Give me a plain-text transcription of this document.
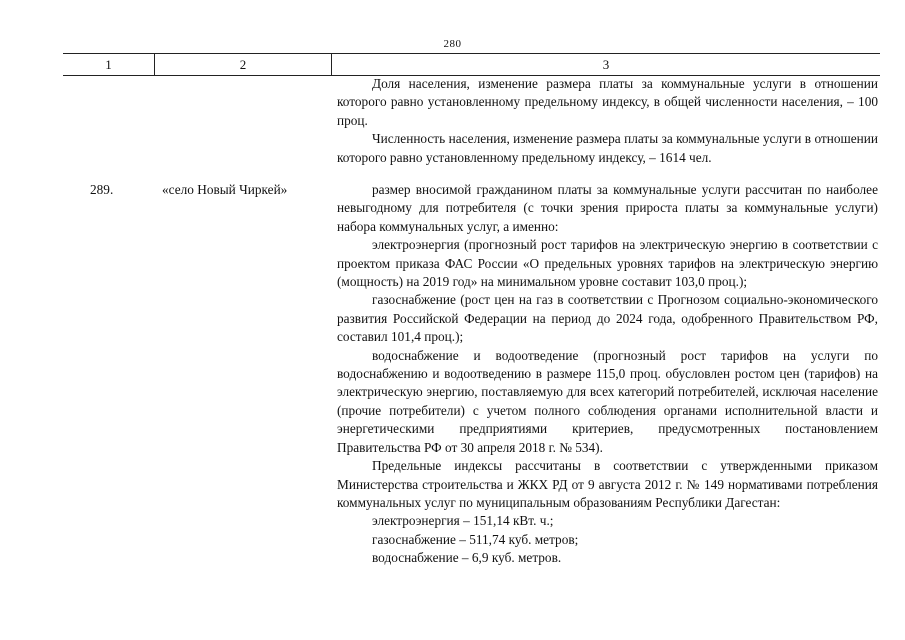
280
1	2	3

Доля населения, изменение размера платы за коммунальные услуги в отношении которого равно установленному предельному индексу, в общей численности населения, – 100 проц.

Численность населения, изменение размера платы за коммунальные услуги в отношении которого равно установленному предельному индексу, – 1614 чел.

289.	«село Новый Чиркей»	размер вносимой гражданином платы за коммунальные услуги рассчитан по наиболее невыгодному для потребителя (с точки зрения прироста платы за коммунальные услуги) набора коммунальных услуг, а именно:

электроэнергия (прогнозный рост тарифов на электрическую энергию в соответствии с проектом приказа ФАС России «О предельных уровнях тарифов на электрическую энергию (мощность) на 2019 год» на минимальном уровне составит 103,0 проц.);

газоснабжение (рост цен на газ в соответствии с Прогнозом социально-экономического развития Российской Федерации на период до 2024 года, одобренного Правительством РФ, составил 101,4 проц.);

водоснабжение и водоотведение (прогнозный рост тарифов на услуги по водоснабжению и водоотведению в размере 115,0 проц. обусловлен ростом цен (тарифов) на электрическую энергию, поставляемую для всех категорий потребителей, исключая население (прочие потребители) с учетом полного соблюдения органами исполнительной власти и энергетическими предприятиями критериев, предусмотренных постановлением Правительства РФ от 30 апреля 2018 г. № 534).

Предельные индексы рассчитаны в соответствии с утвержденными приказом Министерства строительства и ЖКХ РД от 9 августа 2012 г. № 149 нормативами потребления коммунальных услуг по муниципальным образованиям Республики Дагестан:

электроэнергия – 151,14 кВт. ч.;

газоснабжение – 511,74 куб. метров;

водоснабжение – 6,9 куб. метров.
